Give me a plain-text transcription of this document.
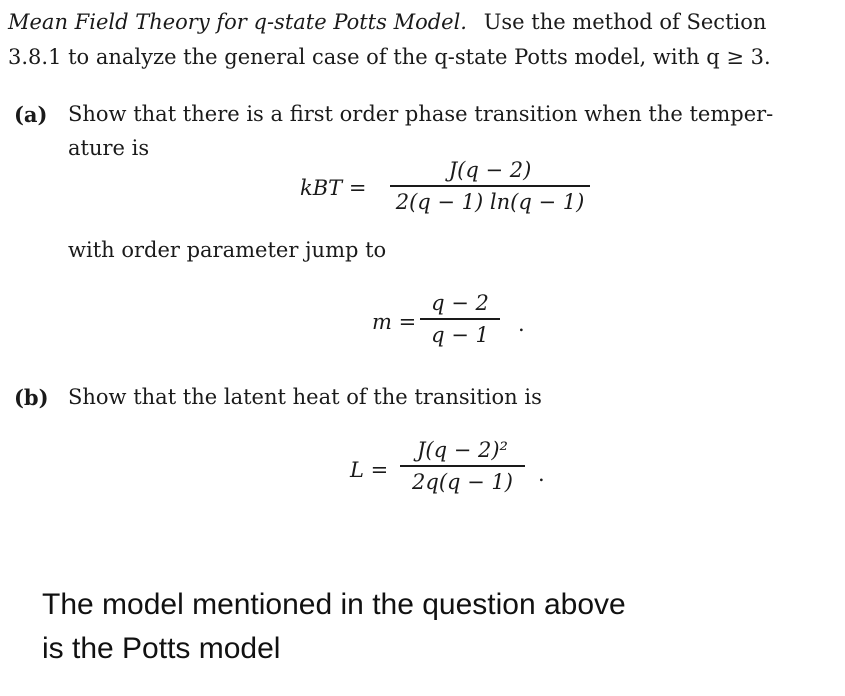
Mean Field Theory for q-state Potts Model. Use the method of Section
3.8.1 to analyze the general case of the q-state Potts model, with q ≥ 3.
(a) Show that there is a first order phase transition when the temper-
ature is
kBT =
J(q − 2)
2(q − 1) ln(q − 1)
with order parameter jump to
m =
q − 2
q − 1	.
(b) Show that the latent heat of the transition is
L =
J(q − 2)²
2q(q − 1)	.
The model mentioned in the question above
is the Potts model
